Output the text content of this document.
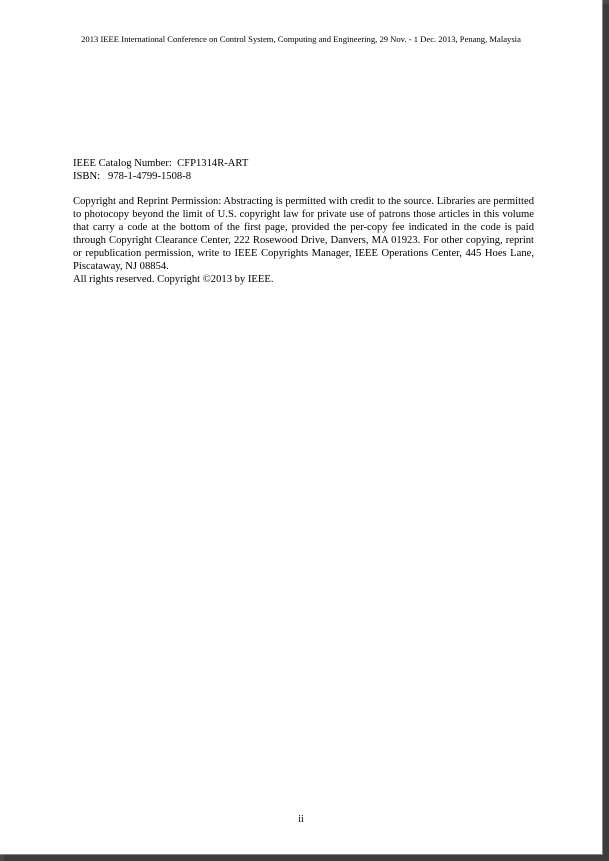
2013 IEEE International Conference on Control System, Computing and Engineering, 29 Nov. - 1 Dec. 2013, Penang, Malaysia
IEEE Catalog Number: CFP1314R-ART
ISBN: 978-1-4799-1508-8
Copyright and Reprint Permission: Abstracting is permitted with credit to the source. Libraries are permitted to photocopy beyond the limit of U.S. copyright law for private use of patrons those articles in this volume that carry a code at the bottom of the first page, provided the per-copy fee indicated in the code is paid through Copyright Clearance Center, 222 Rosewood Drive, Danvers, MA 01923. For other copying, reprint or republication permission, write to IEEE Copyrights Manager, IEEE Operations Center, 445 Hoes Lane, Piscataway, NJ 08854.
All rights reserved. Copyright ©2013 by IEEE.
ii
